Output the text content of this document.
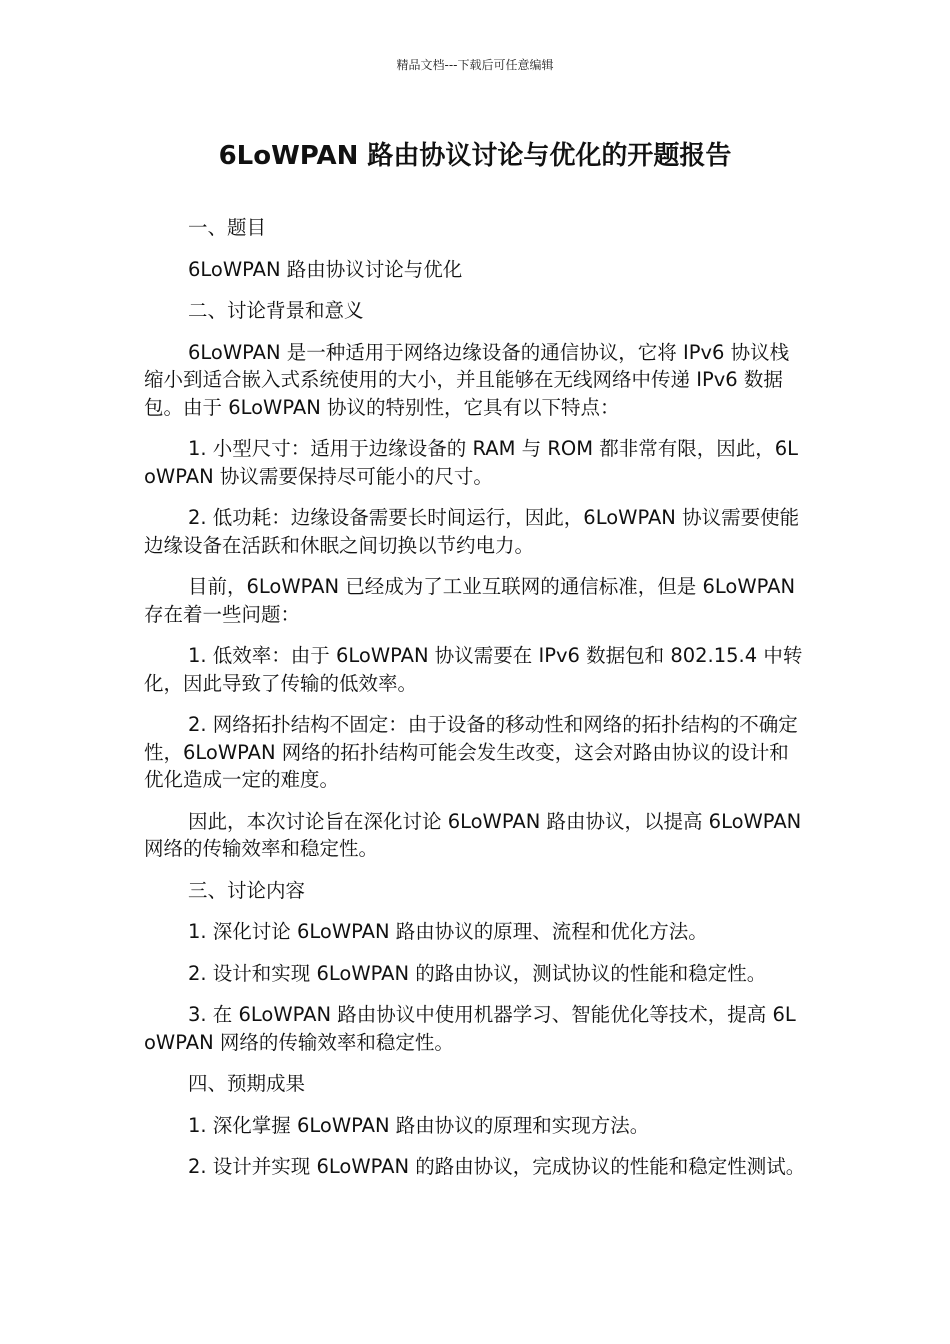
精品文档---下载后可任意编辑
6LoWPAN 路由协议讨论与优化的开题报告

一、题目

6LoWPAN 路由协议讨论与优化

二、讨论背景和意义

6LoWPAN 是一种适用于网络边缘设备的通信协议，它将 IPv6 协议栈缩小到适合嵌入式系统使用的大小，并且能够在无线网络中传递 IPv6 数据包。由于 6LoWPAN 协议的特别性，它具有以下特点：

1. 小型尺寸：适用于边缘设备的 RAM 与 ROM 都非常有限，因此，6LoWPAN 协议需要保持尽可能小的尺寸。

2. 低功耗：边缘设备需要长时间运行，因此，6LoWPAN 协议需要使能边缘设备在活跃和休眠之间切换以节约电力。

目前，6LoWPAN 已经成为了工业互联网的通信标准，但是 6LoWPAN 存在着一些问题：

1. 低效率：由于 6LoWPAN 协议需要在 IPv6 数据包和 802.15.4 中转化，因此导致了传输的低效率。

2. 网络拓扑结构不固定：由于设备的移动性和网络的拓扑结构的不确定性，6LoWPAN 网络的拓扑结构可能会发生改变，这会对路由协议的设计和优化造成一定的难度。

因此，本次讨论旨在深化讨论 6LoWPAN 路由协议，以提高 6LoWPAN 网络的传输效率和稳定性。

三、讨论内容

1. 深化讨论 6LoWPAN 路由协议的原理、流程和优化方法。

2. 设计和实现 6LoWPAN 的路由协议，测试协议的性能和稳定性。

3. 在 6LoWPAN 路由协议中使用机器学习、智能优化等技术，提高 6LoWPAN 网络的传输效率和稳定性。

四、预期成果

1. 深化掌握 6LoWPAN 路由协议的原理和实现方法。

2. 设计并实现 6LoWPAN 的路由协议，完成协议的性能和稳定性测试。
